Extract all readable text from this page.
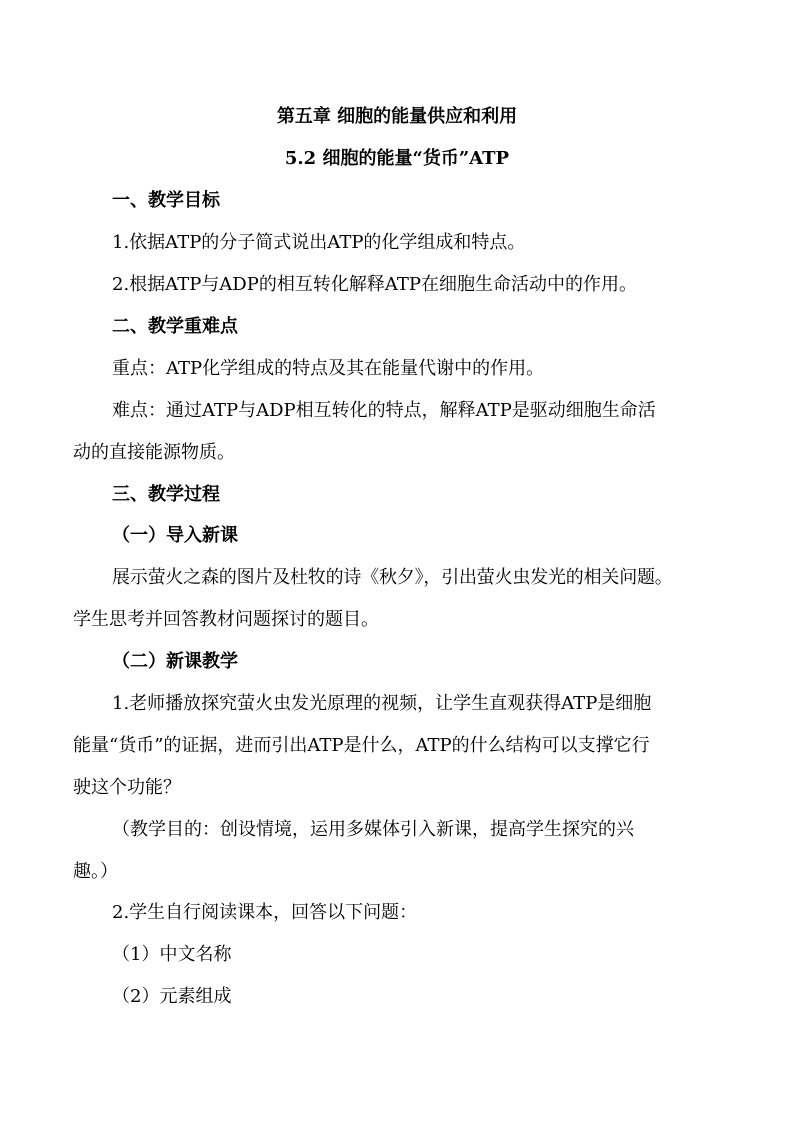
第五章 细胞的能量供应和利用
5.2 细胞的能量“货币”ATP
一、教学目标
1.依据ATP的分子简式说出ATP的化学组成和特点。
2.根据ATP与ADP的相互转化解释ATP在细胞生命活动中的作用。
二、教学重难点
重点：ATP化学组成的特点及其在能量代谢中的作用。
难点：通过ATP与ADP相互转化的特点，解释ATP是驱动细胞生命活
动的直接能源物质。
三、教学过程
（一）导入新课
展示萤火之森的图片及杜牧的诗《秋夕》，引出萤火虫发光的相关问题。
学生思考并回答教材问题探讨的题目。
（二）新课教学
1.老师播放探究萤火虫发光原理的视频，让学生直观获得ATP是细胞
能量“货币”的证据，进而引出ATP是什么，ATP的什么结构可以支撑它行
驶这个功能？
（教学目的：创设情境，运用多媒体引入新课，提高学生探究的兴
趣。）
2.学生自行阅读课本，回答以下问题：
（1）中文名称
（2）元素组成
